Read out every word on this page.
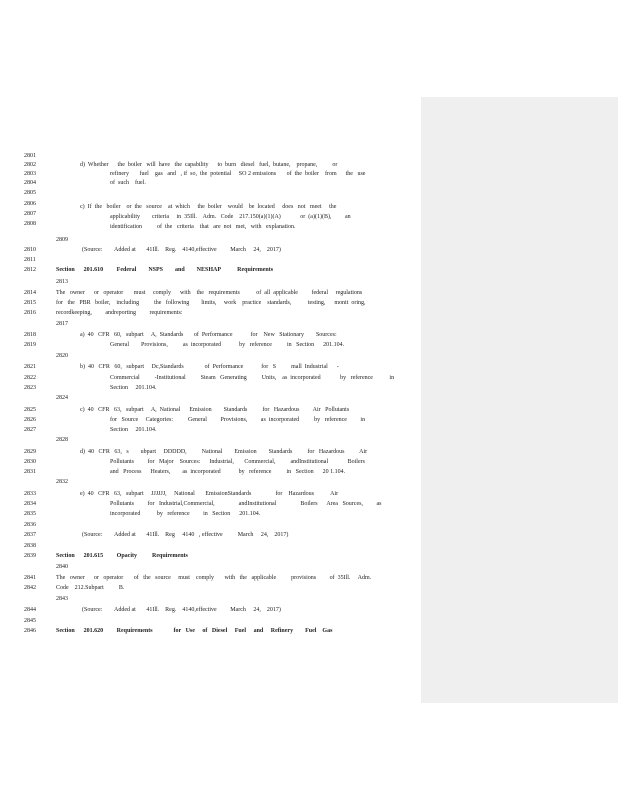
2801
2802
2803
2804
2805
2806
2807
2808
2810
2811
2812
2814
2815
2816
2818
2819
2821
2822
2823
2825
2826
2827
2829
2830
2831
2833
2834
2835
2836
2837
2838
2839
2841
2842
2844
2845
2846
2809
2813
2817
2820
2824
2828
2832
2840
2843
d)  Whether      the  boiler   will  have   the  capability      to  burn   diesel   fuel,  butane,    propane,          or
refinery       fuel    gas   and   , if  so,  the  potential     SO 2 emissions       of  the  boiler    from      the   use
of  such    fuel.
c)  If  the   boiler    or  the   source    at  which     the  boiler    would    be  located     does   not   meet     the
applicability        criteria     in  35Ill.    Adm.   Code    217.150(a)(1)(A)             or  (a)(1)(B),         an
identification          of  the   criteria    that   are  not   met,   with   explanation.
(Source:        Added at       41Ill.    Reg.    4140,effective         March     24,    2017)
Section      201.610         Federal        NSPS        and        NESHAP           Requirements
The   owner      or   operator       must     comply      with    the   requirements           of  all  applicable         federal     regulations
for   the   PBR   boiler,    including          the   following        limits,     work    practice    standards,           testing,      monit  oring,
recordkeeping,         andreporting         requirements:
a)  40   CFR   60,   subpart     A,  Standards       of  Performance            for    New   Stationary        Sources:
General        Provisions,          as  incorporated            by   reference          in   Section      201.104.
b)  40   CFR   60,   subpart     Dc,Standards              of  Performance            for   S          mall  Industrial      -
Commercial          -Institutional          Steam   Generating          Units,    as  incorporated             by   reference           in
Section     201.104.
c)  40   CFR   63,   subpart     A,  National      Emission        Standards          for   Hazardous         Air   Pollutants
for   Source     Categories:          General         Provisions,         as  incorporated          by   reference         in
Section     201.104.
d)  40   CFR   63,   s        ubpart     DDDDD,          National        Emission        Standards          for   Hazardous          Air
Pollutants         for   Major    Sources:      Industrial,       Commercial,          andInstitutional             Boilers
and   Process      Heaters,        as  incorporated            by   reference          in   Section      20 1.104.
e)  40   CFR   63,   subpart     JJJJJJ,     National       EmissionStandards                for    Hazardous           Air
Pollutants         for   Industrial,Commercial,                andInstitutional                Boilers      Area   Sources,         as
incorporated           by   reference         in   Section      201.104.
(Source:        Added at       41Ill.    Reg     4140   , effective          March     24,    2017)
Section      201.615         Opacity          Requirements
The   owner      or   operator       of   the   source     must    comply       with   the   applicable          provisions         of  35Ill.     Adm.
Code    212.Subpart          B.
(Source:        Added at       41Ill.    Reg.    4140,effective         March     24,    2017)
Section      201.620         Requirements              for   Use     of   Diesel     Fuel     and     Refinery        Fuel    Gas
